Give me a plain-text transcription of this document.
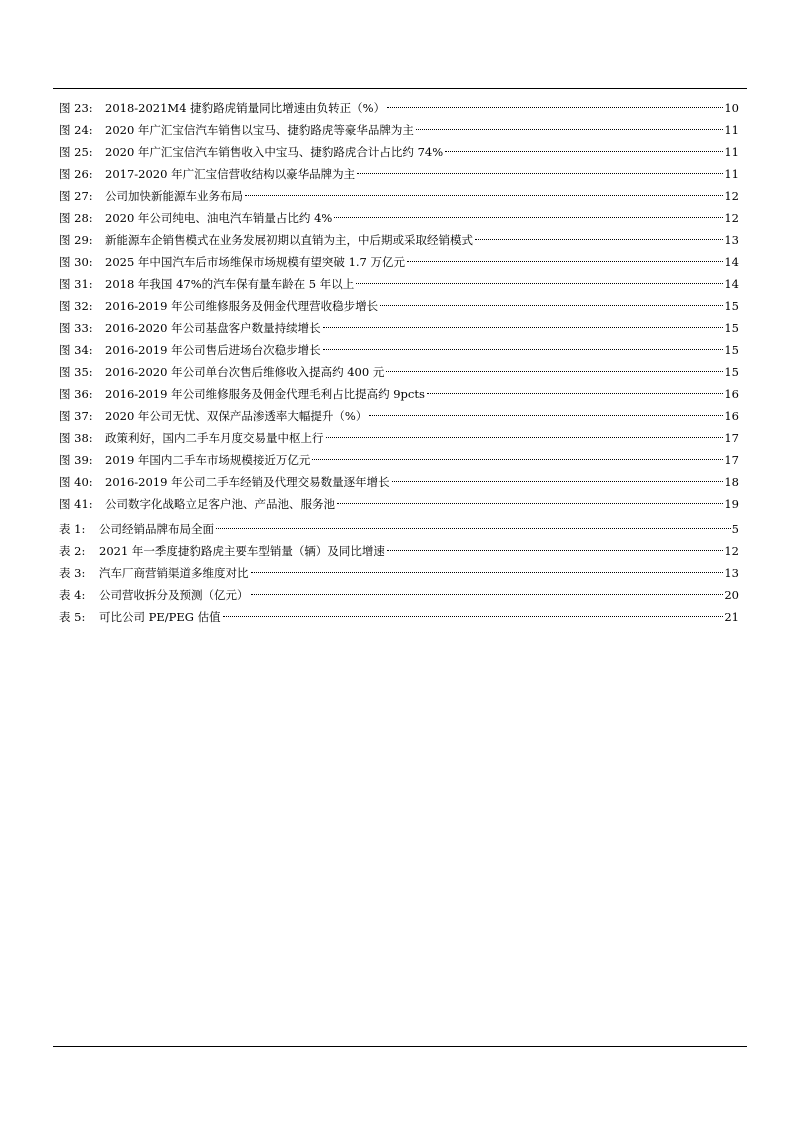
图 23:	2018-2021M4 捷豹路虎销量同比增速由负转正（%）	10
图 24:	2020 年广汇宝信汽车销售以宝马、捷豹路虎等豪华品牌为主	11
图 25:	2020 年广汇宝信汽车销售收入中宝马、捷豹路虎合计占比约 74%	11
图 26:	2017-2020 年广汇宝信营收结构以豪华品牌为主	11
图 27:	公司加快新能源车业务布局	12
图 28:	2020 年公司纯电、油电汽车销量占比约 4%	12
图 29:	新能源车企销售模式在业务发展初期以直销为主，中后期或采取经销模式	13
图 30:	2025 年中国汽车后市场维保市场规模有望突破 1.7 万亿元	14
图 31:	2018 年我国 47%的汽车保有量车龄在 5 年以上	14
图 32:	2016-2019 年公司维修服务及佣金代理营收稳步增长	15
图 33:	2016-2020 年公司基盘客户数量持续增长	15
图 34:	2016-2019 年公司售后进场台次稳步增长	15
图 35:	2016-2020 年公司单台次售后维修收入提高约 400 元	15
图 36:	2016-2019 年公司维修服务及佣金代理毛利占比提高约 9pcts	16
图 37:	2020 年公司无忧、双保产品渗透率大幅提升（%）	16
图 38:	政策利好，国内二手车月度交易量中枢上行	17
图 39:	2019 年国内二手车市场规模接近万亿元	17
图 40:	2016-2019 年公司二手车经销及代理交易数量逐年增长	18
图 41:	公司数字化战略立足客户池、产品池、服务池	19
表 1:	公司经销品牌布局全面	5
表 2:	2021 年一季度捷豹路虎主要车型销量（辆）及同比增速	12
表 3:	汽车厂商营销渠道多维度对比	13
表 4:	公司营收拆分及预测（亿元）	20
表 5:	可比公司 PE/PEG 估值	21
